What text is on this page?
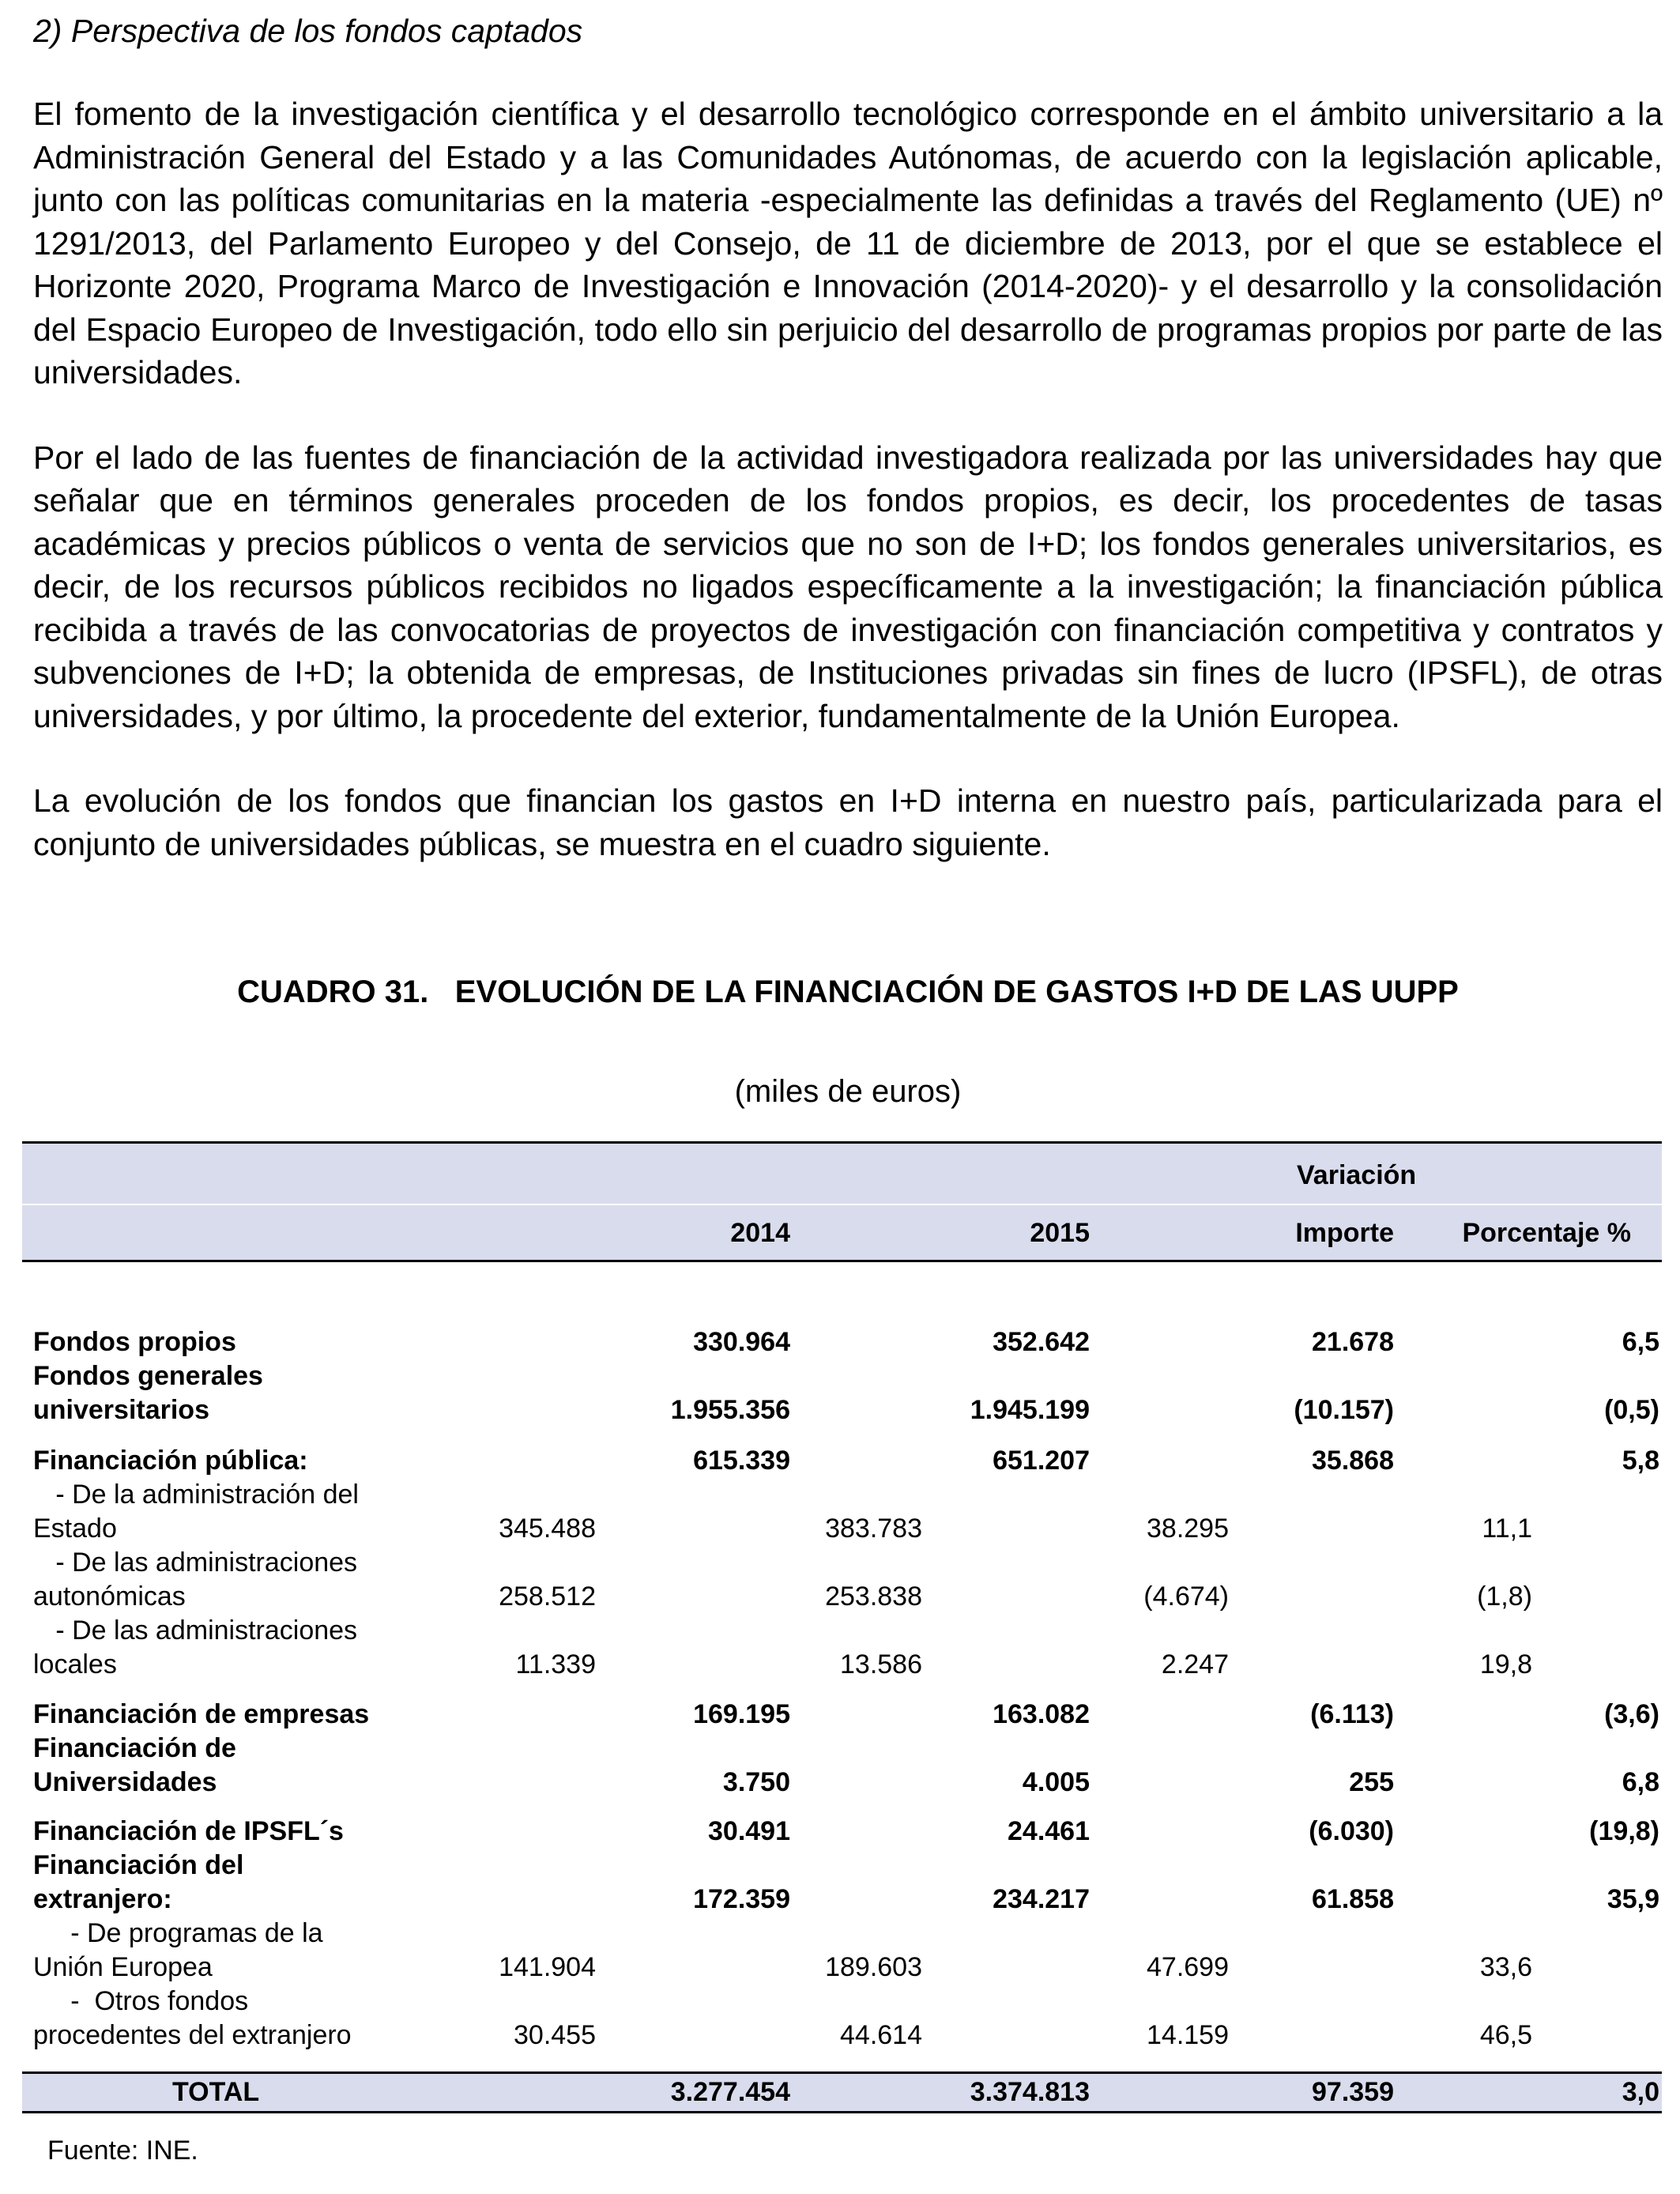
2) Perspectiva de los fondos captados

El fomento de la investigación científica y el desarrollo tecnológico corresponde en el ámbito universitario a la Administración General del Estado y a las Comunidades Autónomas, de acuerdo con la legislación aplicable, junto con las políticas comunitarias en la materia -especialmente las definidas a través del Reglamento (UE) nº 1291/2013, del Parlamento Europeo y del Consejo, de 11 de diciembre de 2013, por el que se establece el Horizonte 2020, Programa Marco de Investigación e Innovación (2014-2020)- y el desarrollo y la consolidación del Espacio Europeo de Investigación, todo ello sin perjuicio del desarrollo de programas propios por parte de las universidades.

Por el lado de las fuentes de financiación de la actividad investigadora realizada por las universidades hay que señalar que en términos generales proceden de los fondos propios, es decir, los procedentes de tasas académicas y precios públicos o venta de servicios que no son de I+D; los fondos generales universitarios, es decir, de los recursos públicos recibidos no ligados específicamente a la investigación; la financiación pública recibida a través de las convocatorias de proyectos de investigación con financiación competitiva y contratos y subvenciones de I+D; la obtenida de empresas, de Instituciones privadas sin fines de lucro (IPSFL), de otras universidades, y por último, la procedente del exterior, fundamentalmente de la Unión Europea.

La evolución de los fondos que financian los gastos en I+D interna en nuestro país, particularizada para el conjunto de universidades públicas, se muestra en el cuadro siguiente.

CUADRO 31.   EVOLUCIÓN DE LA FINANCIACIÓN DE GASTOS I+D DE LAS UUPP
(miles de euros)
Variación
2014	2015	Importe	Porcentaje %
Fondos propios	330.964	352.642	21.678	6,5
Fondos generales
universitarios	1.955.356	1.945.199	(10.157)	(0,5)
Financiación pública:	615.339	651.207	35.868	5,8
- De la administración del
Estado	345.488	383.783	38.295	11,1
- De las administraciones
autonómicas	258.512	253.838	(4.674)	(1,8)
- De las administraciones
locales	11.339	13.586	2.247	19,8
Financiación de empresas	169.195	163.082	(6.113)	(3,6)
Financiación de
Universidades	3.750	4.005	255	6,8
Financiación de IPSFL´s	30.491	24.461	(6.030)	(19,8)
Financiación del
extranjero:	172.359	234.217	61.858	35,9
- De programas de la
Unión Europea	141.904	189.603	47.699	33,6
-  Otros fondos
procedentes del extranjero	30.455	44.614	14.159	46,5
TOTAL	3.277.454	3.374.813	97.359	3,0
Fuente: INE.
